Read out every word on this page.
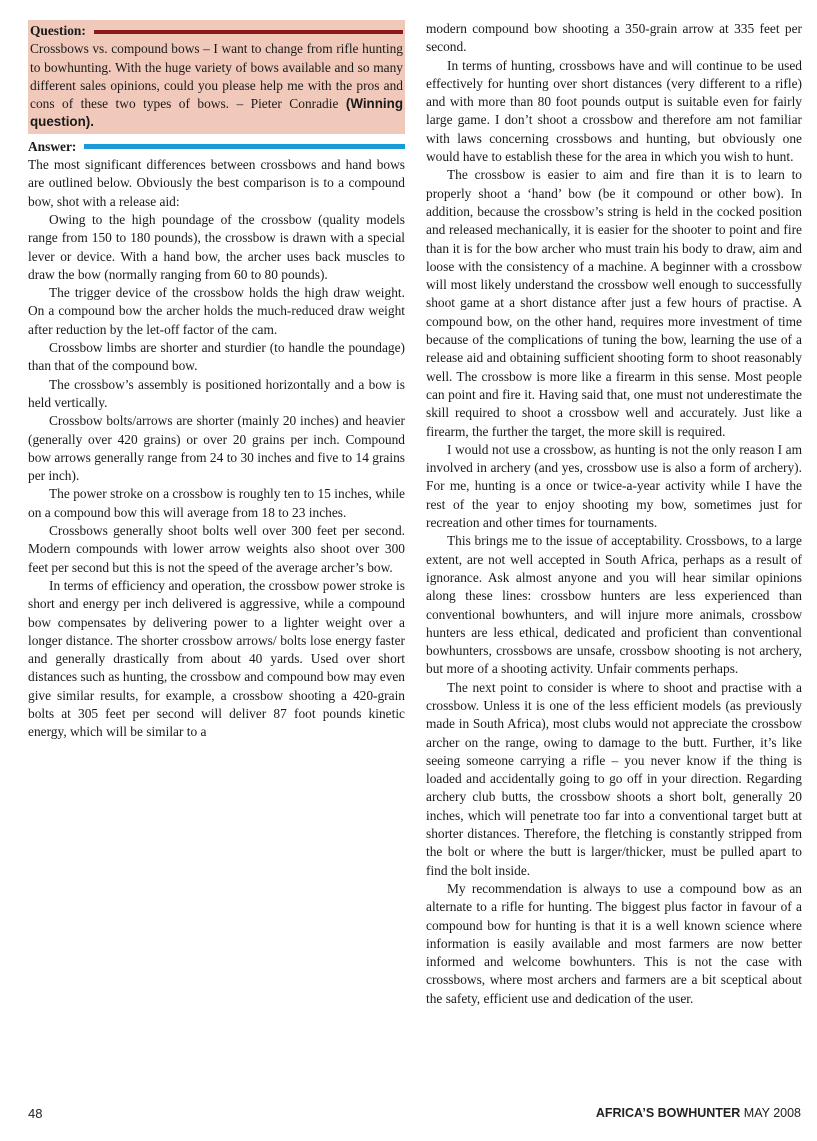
Question:

Crossbows vs. compound bows – I want to change from rifle hunting to bowhunting. With the huge variety of bows available and so many different sales opinions, could you please help me with the pros and cons of these two types of bows. – Pieter Conradie (Winning question).

Answer:

The most significant differences between crossbows and hand bows are outlined below. Obviously the best comparison is to a compound bow, shot with a release aid:

Owing to the high poundage of the crossbow (quality models range from 150 to 180 pounds), the crossbow is drawn with a special lever or device. With a hand bow, the archer uses back muscles to draw the bow (normally ranging from 60 to 80 pounds).

The trigger device of the crossbow holds the high draw weight. On a compound bow the archer holds the much-reduced draw weight after reduction by the let-off factor of the cam.

Crossbow limbs are shorter and sturdier (to handle the poundage) than that of the compound bow.

The crossbow’s assembly is positioned horizontally and a bow is held vertically.

Crossbow bolts/arrows are shorter (mainly 20 inches) and heavier (generally over 420 grains) or over 20 grains per inch. Compound bow arrows generally range from 24 to 30 inches and five to 14 grains per inch).

The power stroke on a crossbow is roughly ten to 15 inches, while on a compound bow this will average from 18 to 23 inches.

Crossbows generally shoot bolts well over 300 feet per second. Modern compounds with lower arrow weights also shoot over 300 feet per second but this is not the speed of the average archer’s bow.

In terms of efficiency and operation, the crossbow power stroke is short and energy per inch delivered is aggressive, while a compound bow compensates by delivering power to a lighter weight over a longer distance. The shorter crossbow arrows/ bolts lose energy faster and generally drastically from about 40 yards. Used over short distances such as hunting, the crossbow and compound bow may even give similar results, for example, a crossbow shooting a 420-grain bolts at 305 feet per second will deliver 87 foot pounds kinetic energy, which will be similar to a

modern compound bow shooting a 350-grain arrow at 335 feet per second.

In terms of hunting, crossbows have and will continue to be used effectively for hunting over short distances (very different to a rifle) and with more than 80 foot pounds output is suitable even for fairly large game. I don’t shoot a crossbow and therefore am not familiar with laws concerning crossbows and hunting, but obviously one would have to establish these for the area in which you wish to hunt.

The crossbow is easier to aim and fire than it is to learn to properly shoot a ‘hand’ bow (be it compound or other bow). In addition, because the crossbow’s string is held in the cocked position and released mechanically, it is easier for the shooter to point and fire than it is for the bow archer who must train his body to draw, aim and loose with the consistency of a machine. A beginner with a crossbow will most likely understand the crossbow well enough to successfully shoot game at a short distance after just a few hours of practise. A compound bow, on the other hand, requires more investment of time because of the complications of tuning the bow, learning the use of a release aid and obtaining sufficient shooting form to shoot reasonably well. The crossbow is more like a firearm in this sense. Most people can point and fire it. Having said that, one must not underestimate the skill required to shoot a crossbow well and accurately. Just like a firearm, the further the target, the more skill is required.

I would not use a crossbow, as hunting is not the only reason I am involved in archery (and yes, crossbow use is also a form of archery). For me, hunting is a once or twice-a-year activity while I have the rest of the year to enjoy shooting my bow, sometimes just for recreation and other times for tournaments.

This brings me to the issue of acceptability. Crossbows, to a large extent, are not well accepted in South Africa, perhaps as a result of ignorance. Ask almost anyone and you will hear similar opinions along these lines: crossbow hunters are less experienced than conventional bowhunters, and will injure more animals, crossbow hunters are less ethical, dedicated and proficient than conventional bowhunters, crossbows are unsafe, crossbow shooting is not archery, but more of a shooting activity. Unfair comments perhaps.

The next point to consider is where to shoot and practise with a crossbow. Unless it is one of the less efficient models (as previously made in South Africa), most clubs would not appreciate the crossbow archer on the range, owing to damage to the butt. Further, it’s like seeing someone carrying a rifle – you never know if the thing is loaded and accidentally going to go off in your direction. Regarding archery club butts, the crossbow shoots a short bolt, generally 20 inches, which will penetrate too far into a conventional target butt at shorter distances. Therefore, the fletching is constantly stripped from the bolt or where the butt is larger/thicker, must be pulled apart to find the bolt inside.

My recommendation is always to use a compound bow as an alternate to a rifle for hunting. The biggest plus factor in favour of a compound bow for hunting is that it is a well known science where information is easily available and most farmers are now better informed and welcome bowhunters. This is not the case with crossbows, where most archers and farmers are a bit sceptical about the safety, efficient use and dedication of the user.

48	AFRICA’S BOWHUNTER MAY 2008
